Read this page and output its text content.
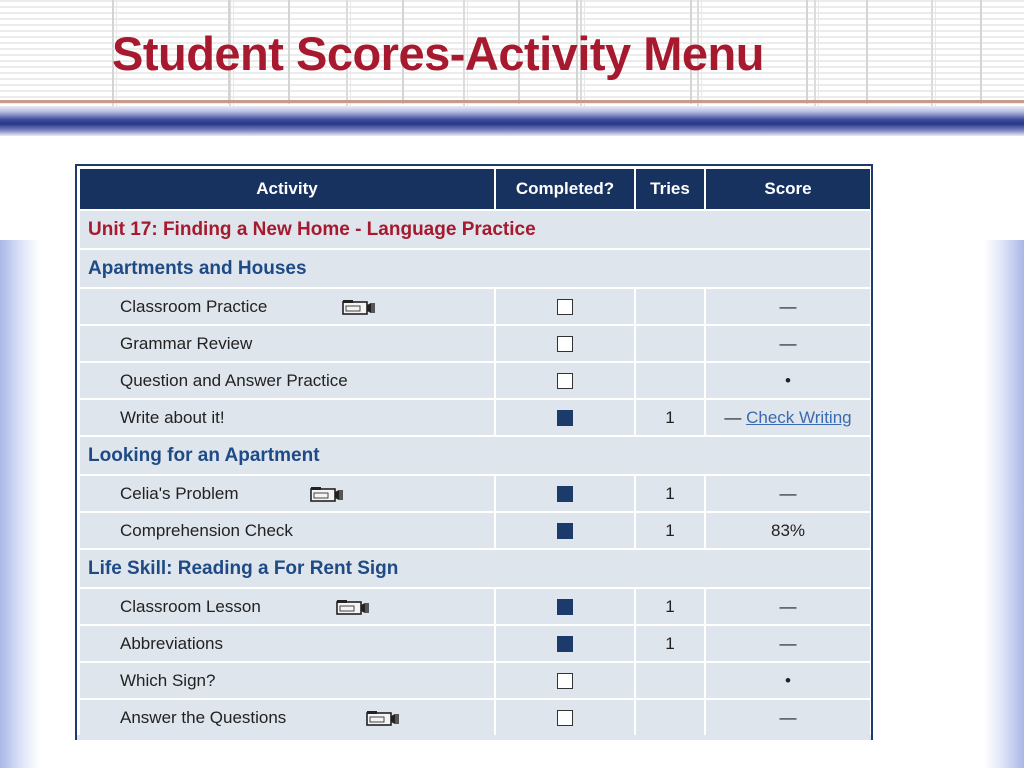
Student Scores-Activity Menu
Activity	Completed?	Tries	Score
Unit 17: Finding a New Home - Language Practice			
Apartments and Houses			
Classroom Practice			—
Grammar Review			—
Question and Answer Practice			•
Write about it!		1	— Check Writing
Looking for an Apartment			
Celia's Problem		1	—
Comprehension Check		1	83%
Life Skill: Reading a For Rent Sign			
Classroom Lesson		1	—
Abbreviations		1	—
Which Sign?			•
Answer the Questions			—
